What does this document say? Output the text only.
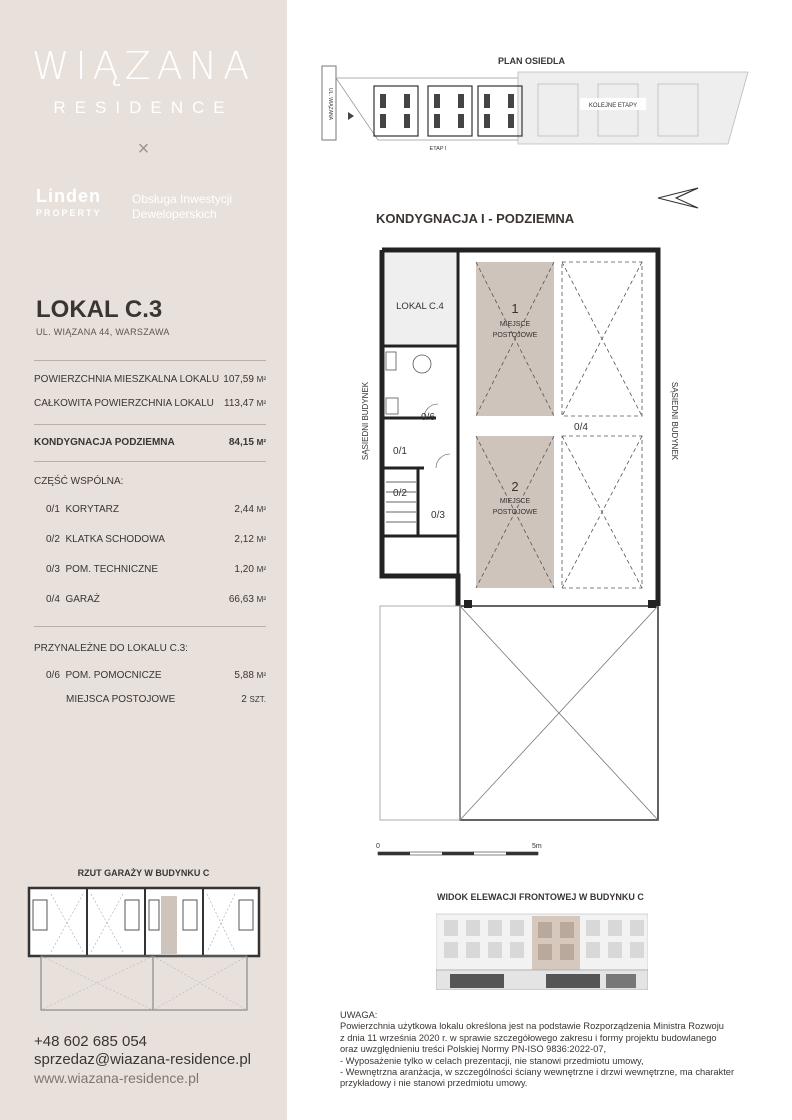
WIĄZANA
RESIDENCE
×
Linden
PROPERTY
Obsługa Inwestycji
Deweloperskich
LOKAL C.3
UL. WIĄZANA 44, WARSZAWA
POWIERZCHNIA MIESZKALNA LOKALU 107,59 M²
CAŁKOWITA POWIERZCHNIA LOKALU 113,47 M²
KONDYGNACJA PODZIEMNA	84,15 M²
CZĘŚĆ WSPÓLNA:
0/1 KORYTARZ	2,44 M²
0/2 KLATKA SCHODOWA	2,12 M²
0/3 POM. TECHNICZNE	1,20 M²
0/4 GARAŻ	66,63 M²
PRZYNALEŻNE DO LOKALU C.3:
0/6 POM. POMOCNICZE	5,88 M²
MIEJSCA POSTOJOWE	2 SZT.
RZUT GARAŻY W BUDYNKU C
+48 602 685 054
sprzedaz@wiazana-residence.pl
www.wiazana-residence.pl
PLAN OSIEDLA
UL. WIĄZANA	KOLEJNE ETAPY
ETAP I
KONDYGNACJA I - PODZIEMNA
LOKAL C.4	1
MIEJSCE
POSTOJOWE
2
MIEJSCE
POSTOJOWE
0/6
0/1
0/2
0/3
0/4
SĄSIEDNI BUDYNEK	SĄSIEDNI BUDYNEK
0	5m
WIDOK ELEWACJI FRONTOWEJ W BUDYNKU C
UWAGA:
Powierzchnia użytkowa lokalu określona jest na podstawie Rozporządzenia Ministra Rozwoju
z dnia 11 września 2020 r. w sprawie szczegółowego zakresu i formy projektu budowlanego
oraz uwzględnieniu treści Polskiej Normy PN-ISO 9836:2022-07,
- Wyposażenie tylko w celach prezentacji, nie stanowi przedmiotu umowy,
- Wewnętrzna aranżacja, w szczególności ściany wewnętrzne i drzwi wewnętrzne, ma charakter
przykładowy i nie stanowi przedmiotu umowy.
